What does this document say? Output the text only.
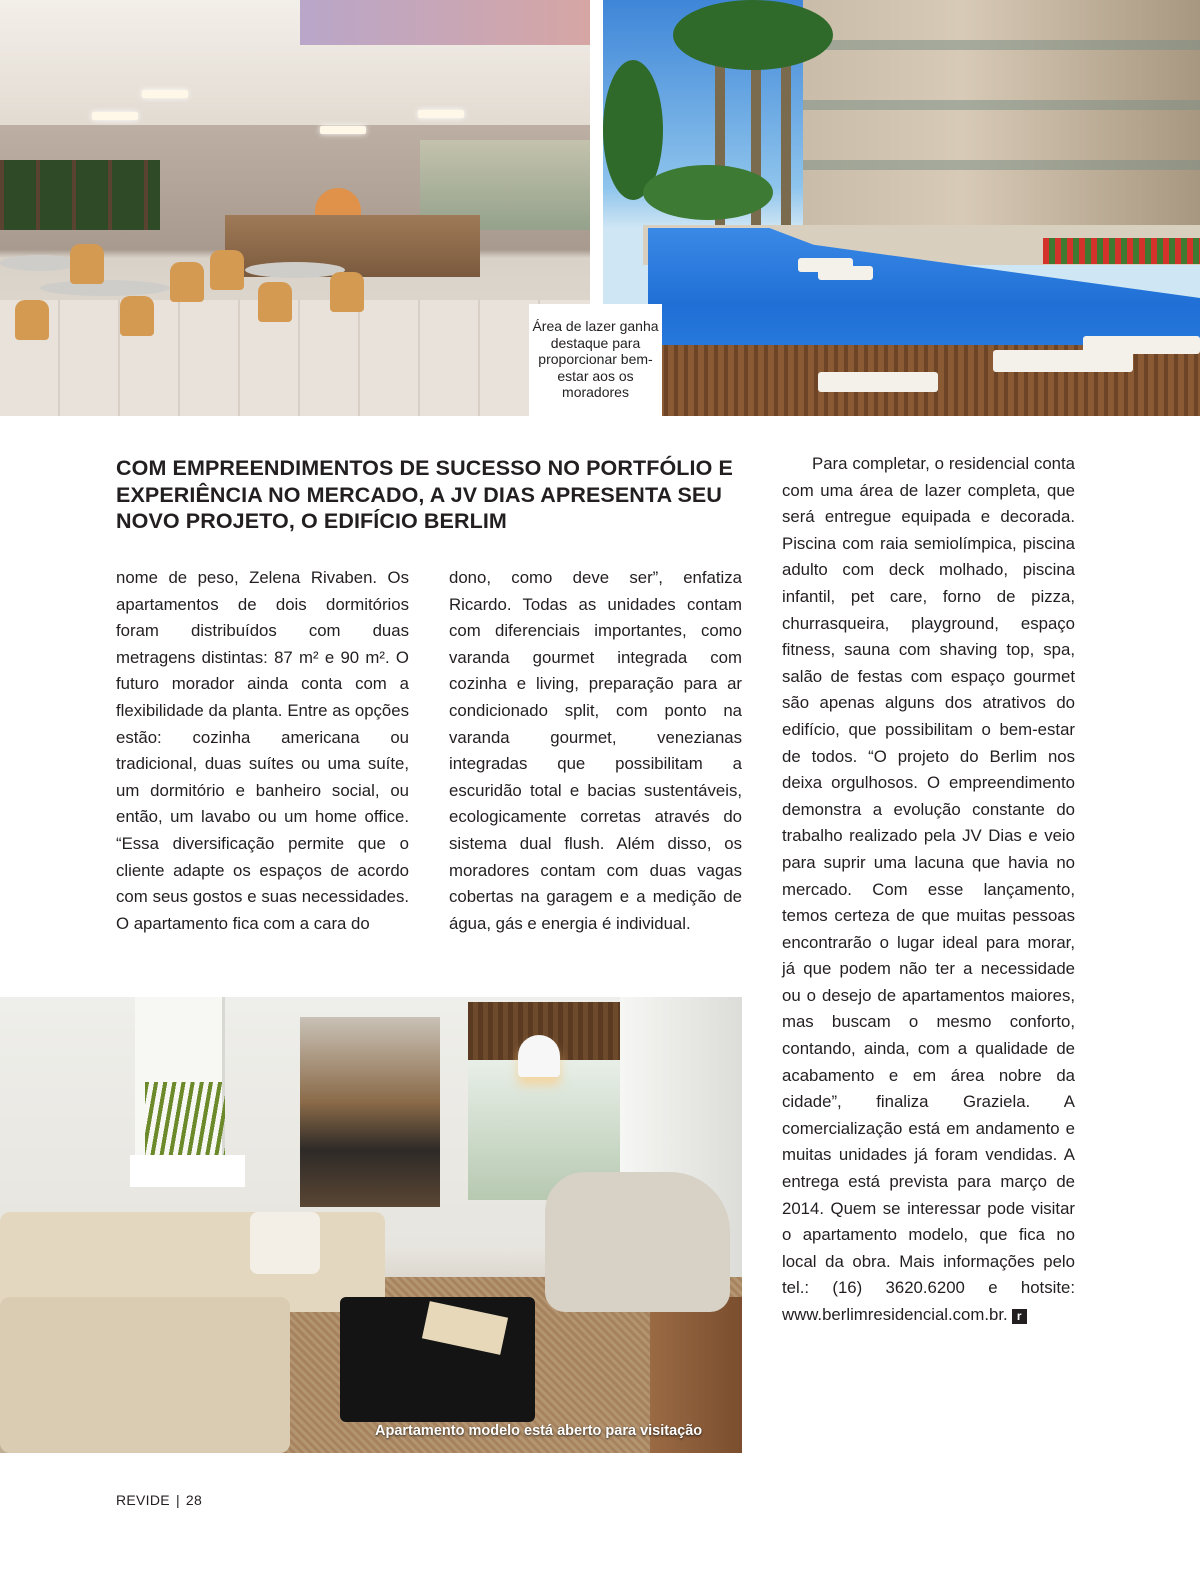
Área de lazer ganha destaque para proporcionar bem-estar aos os moradores
COM EMPREENDIMENTOS DE SUCESSO NO PORTFÓLIO E EXPERIÊNCIA NO MERCADO, A JV DIAS APRESENTA SEU NOVO PROJETO, O EDIFÍCIO BERLIM

nome de peso, Zelena Rivaben. Os apartamentos de dois dormitórios foram distribuídos com duas metragens distintas: 87 m² e 90 m². O futuro morador ainda conta com a flexibilidade da planta. Entre as opções estão: cozinha americana ou tradicional, duas suítes ou uma suíte, um dormitório e banheiro social, ou então, um lavabo ou um home office. “Essa diversificação permite que o cliente adapte os espaços de acordo com seus gostos e suas necessidades. O apartamento fica com a cara do

dono, como deve ser”, enfatiza Ricardo. Todas as unidades contam com diferenciais importantes, como varanda gourmet integrada com cozinha e living, preparação para ar condicionado split, com ponto na varanda gourmet, venezianas integradas que possibilitam a escuridão total e bacias sustentáveis, ecologicamente corretas através do sistema dual flush. Além disso, os moradores contam com duas vagas cobertas na garagem e a medição de água, gás e energia é individual.

Para completar, o residencial conta com uma área de lazer completa, que será entregue equipada e decorada. Piscina com raia semiolímpica, piscina adulto com deck molhado, piscina infantil, pet care, forno de pizza, churrasqueira, playground, espaço fitness, sauna com shaving top, spa, salão de festas com espaço gourmet são apenas alguns dos atrativos do edifício, que possibilitam o bem-estar de todos. “O projeto do Berlim nos deixa orgulhosos. O empreendimento demonstra a evolução constante do trabalho realizado pela JV Dias e veio para suprir uma lacuna que havia no mercado. Com esse lançamento, temos certeza de que muitas pessoas encontrarão o lugar ideal para morar, já que podem não ter a necessidade ou o desejo de apartamentos maiores, mas buscam o mesmo conforto, contando, ainda, com a qualidade de acabamento e em área nobre da cidade”, finaliza Graziela. A comercialização está em andamento e muitas unidades já foram vendidas. A entrega está prevista para março de 2014. Quem se interessar pode visitar o apartamento modelo, que fica no local da obra. Mais informações pelo tel.: (16) 3620.6200 e hotsite: www.berlimresidencial.com.br. r

Apartamento modelo está aberto para visitação
REVIDE | 28
